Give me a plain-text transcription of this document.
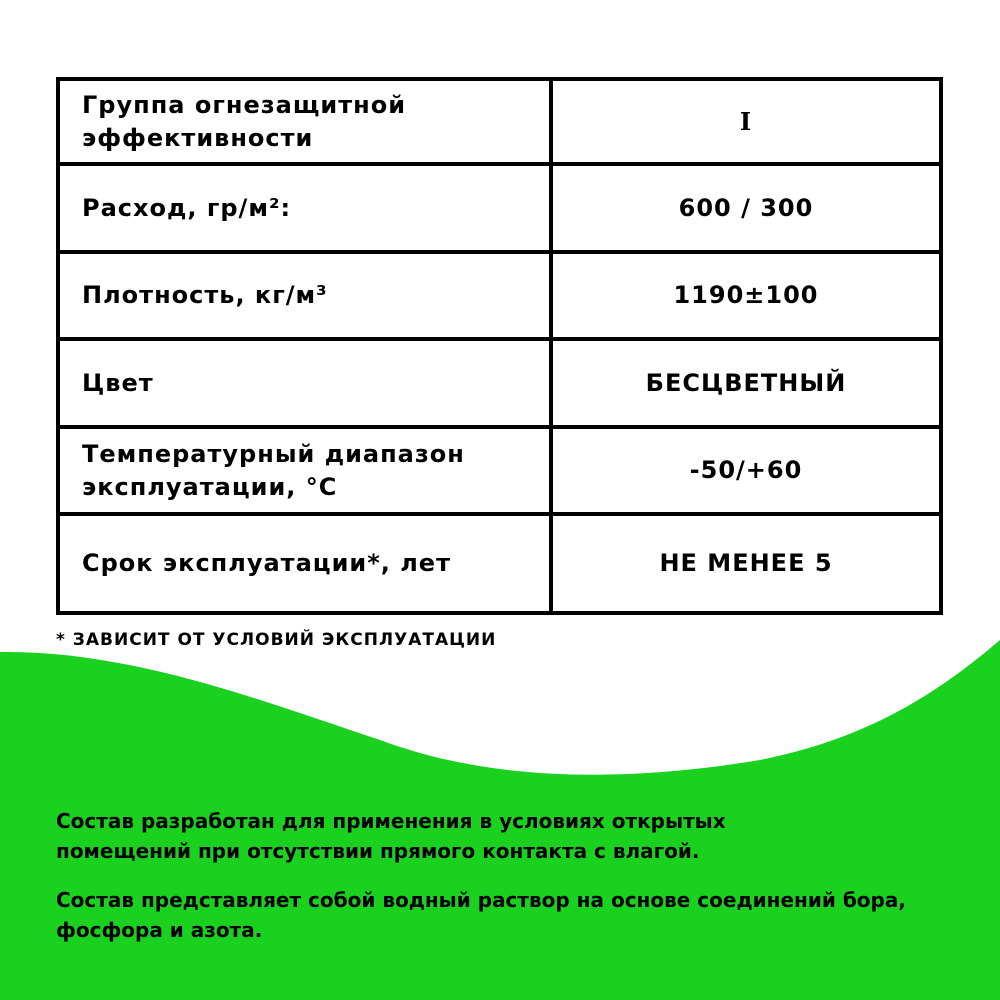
Группа огнезащитной
эффективности	I
Расход, гр/м²:	600 / 300
Плотность, кг/м³	1190±100
Цвет	БЕСЦВЕТНЫЙ
Температурный диапазон
эксплуатации, °C	-50/+60
Срок эксплуатации*, лет	НЕ МЕНЕЕ 5
* ЗАВИСИТ ОТ УСЛОВИЙ ЭКСПЛУАТАЦИИ
Состав разработан для применения в условиях открытых
помещений при отсутствии прямого контакта с влагой.
Состав представляет собой водный раствор на основе соединений бора,
фосфора и азота.
